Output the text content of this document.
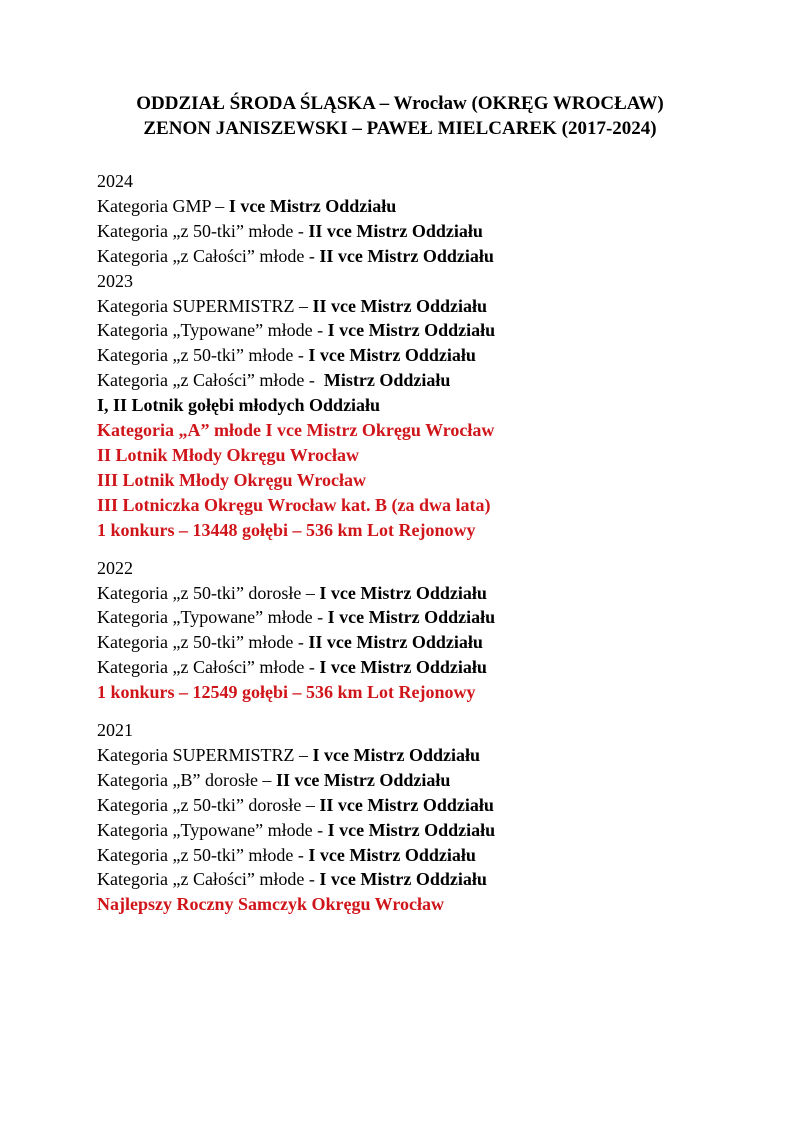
ODDZIAŁ ŚRODA ŚLĄSKA – Wrocław (OKRĘG WROCŁAW)

ZENON JANISZEWSKI – PAWEŁ MIELCAREK (2017-2024)

2024

Kategoria GMP – I vce Mistrz Oddziału

Kategoria „z 50-tki” młode - II vce Mistrz Oddziału

Kategoria „z Całości” młode - II vce Mistrz Oddziału

2023

Kategoria SUPERMISTRZ – II vce Mistrz Oddziału

Kategoria „Typowane” młode - I vce Mistrz Oddziału

Kategoria „z 50-tki” młode - I vce Mistrz Oddziału

Kategoria „z Całości” młode -  Mistrz Oddziału

I, II Lotnik gołębi młodych Oddziału

Kategoria „A” młode I vce Mistrz Okręgu Wrocław

II Lotnik Młody Okręgu Wrocław

III Lotnik Młody Okręgu Wrocław

III Lotniczka Okręgu Wrocław kat. B (za dwa lata)

1 konkurs – 13448 gołębi – 536 km Lot Rejonowy

2022

Kategoria „z 50-tki” dorosłe – I vce Mistrz Oddziału

Kategoria „Typowane” młode - I vce Mistrz Oddziału

Kategoria „z 50-tki” młode - II vce Mistrz Oddziału

Kategoria „z Całości” młode - I vce Mistrz Oddziału

1 konkurs – 12549 gołębi – 536 km Lot Rejonowy

2021

Kategoria SUPERMISTRZ – I vce Mistrz Oddziału

Kategoria „B” dorosłe – II vce Mistrz Oddziału

Kategoria „z 50-tki” dorosłe – II vce Mistrz Oddziału

Kategoria „Typowane” młode - I vce Mistrz Oddziału

Kategoria „z 50-tki” młode - I vce Mistrz Oddziału

Kategoria „z Całości” młode - I vce Mistrz Oddziału

Najlepszy Roczny Samczyk Okręgu Wrocław
